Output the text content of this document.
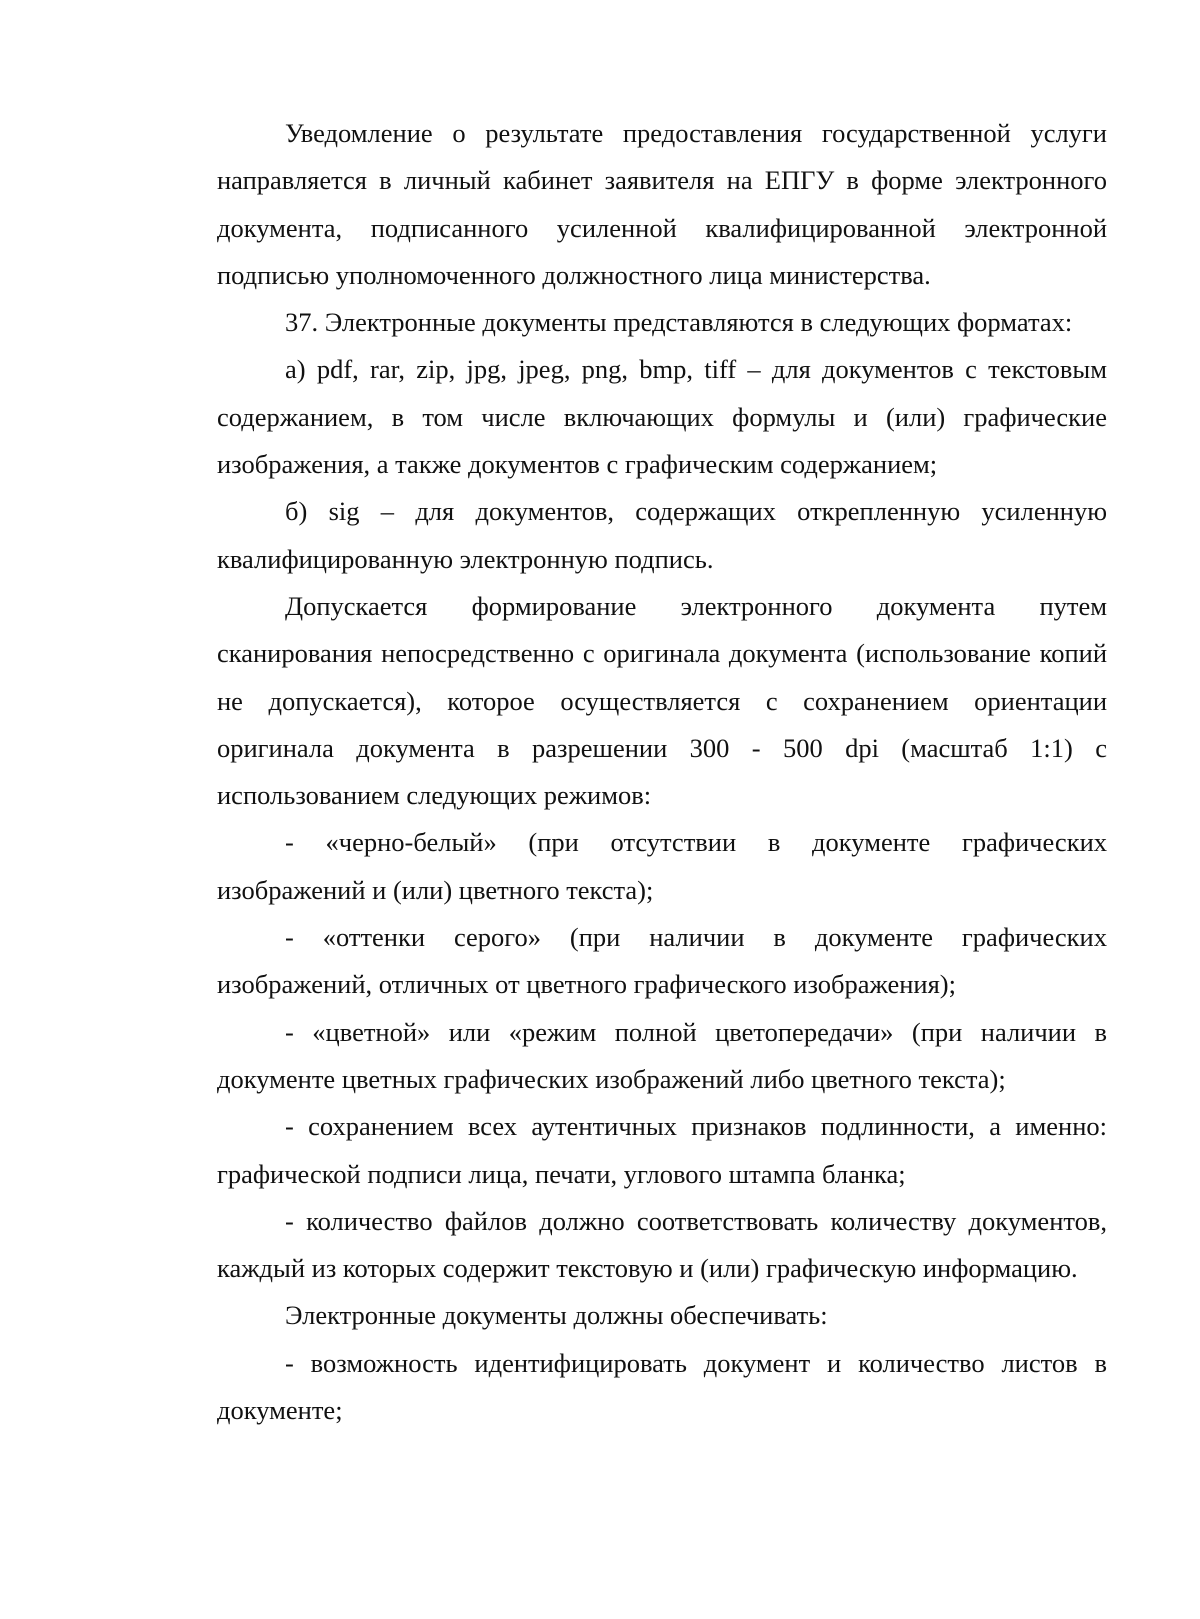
Уведомление о результате предоставления государственной услуги направляется в личный кабинет заявителя на ЕПГУ в форме электронного документа, подписанного усиленной квалифицированной электронной подписью уполномоченного должностного лица министерства.

37. Электронные документы представляются в следующих форматах:

а) pdf, rar, zip, jpg, jpeg, png, bmp, tiff – для документов с текстовым содержанием, в том числе включающих формулы и (или) графические изображения, а также документов с графическим содержанием;

б) sig – для документов, содержащих открепленную усиленную квалифицированную электронную подпись.

Допускается формирование электронного документа путем сканирования непосредственно с оригинала документа (использование копий не допускается), которое осуществляется с сохранением ориентации оригинала документа в разрешении 300 - 500 dpi (масштаб 1:1) с использованием следующих режимов:

- «черно-белый» (при отсутствии в документе графических изображений и (или) цветного текста);

- «оттенки серого» (при наличии в документе графических изображений, отличных от цветного графического изображения);

- «цветной» или «режим полной цветопередачи» (при наличии в документе цветных графических изображений либо цветного текста);

- сохранением всех аутентичных признаков подлинности, а именно: графической подписи лица, печати, углового штампа бланка;

- количество файлов должно соответствовать количеству документов, каждый из которых содержит текстовую и (или) графическую информацию.

Электронные документы должны обеспечивать:

- возможность идентифицировать документ и количество листов в документе;
